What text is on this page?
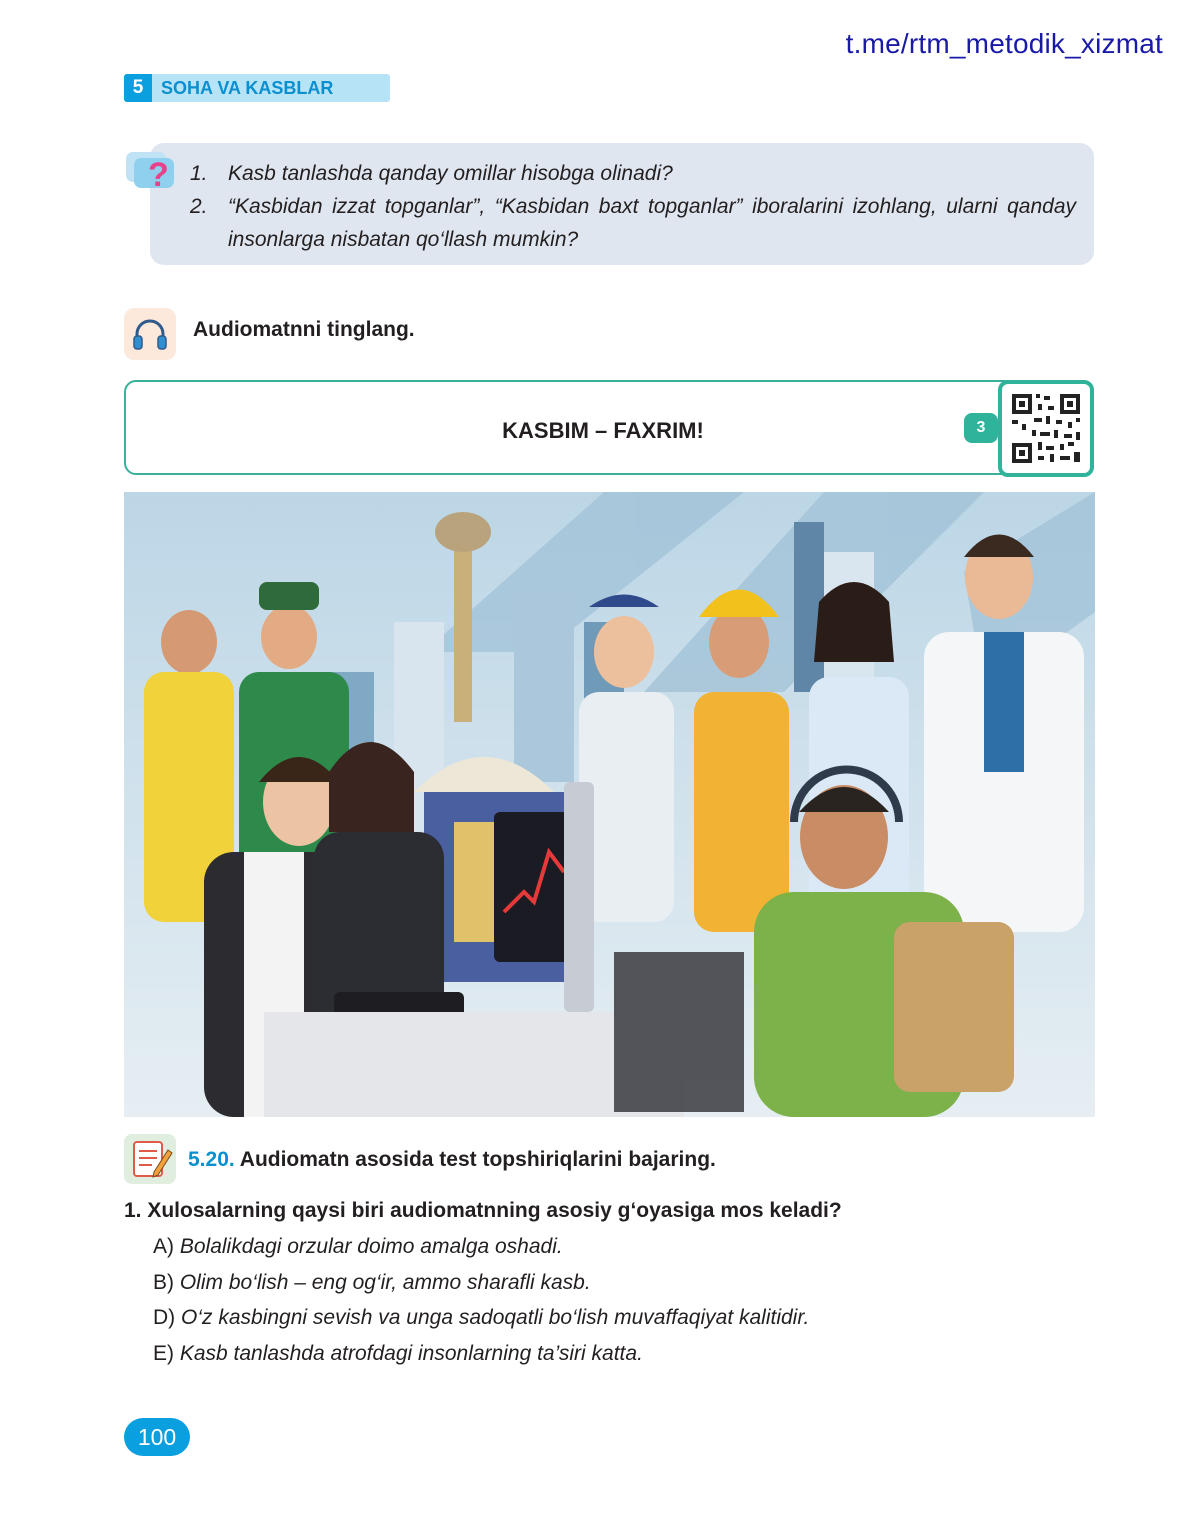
t.me/rtm_metodik_xizmat
5 SOHA VA KASBLAR
? 1. Kasb tanlashda qanday omillar hisobga olinadi?
2. “Kasbidan izzat topganlar”, “Kasbidan baxt topganlar” iboralarini izohlang, ularni qanday insonlarga nisbatan qo‘llash mumkin?
Audiomatnni tinglang.
KASBIM – FAXRIM!	3
5.20. Audiomatn asosida test topshiriqlarini bajaring.
1. Xulosalarning qaysi biri audiomatnning asosiy g‘oyasiga mos keladi?
A) Bolalikdagi orzular doimo amalga oshadi.
B) Olim bo‘lish – eng og‘ir, ammo sharafli kasb.
D) O‘z kasbingni sevish va unga sadoqatli bo‘lish muvaffaqiyat kalitidir.
E) Kasb tanlashda atrofdagi insonlarning ta’siri katta.
100
